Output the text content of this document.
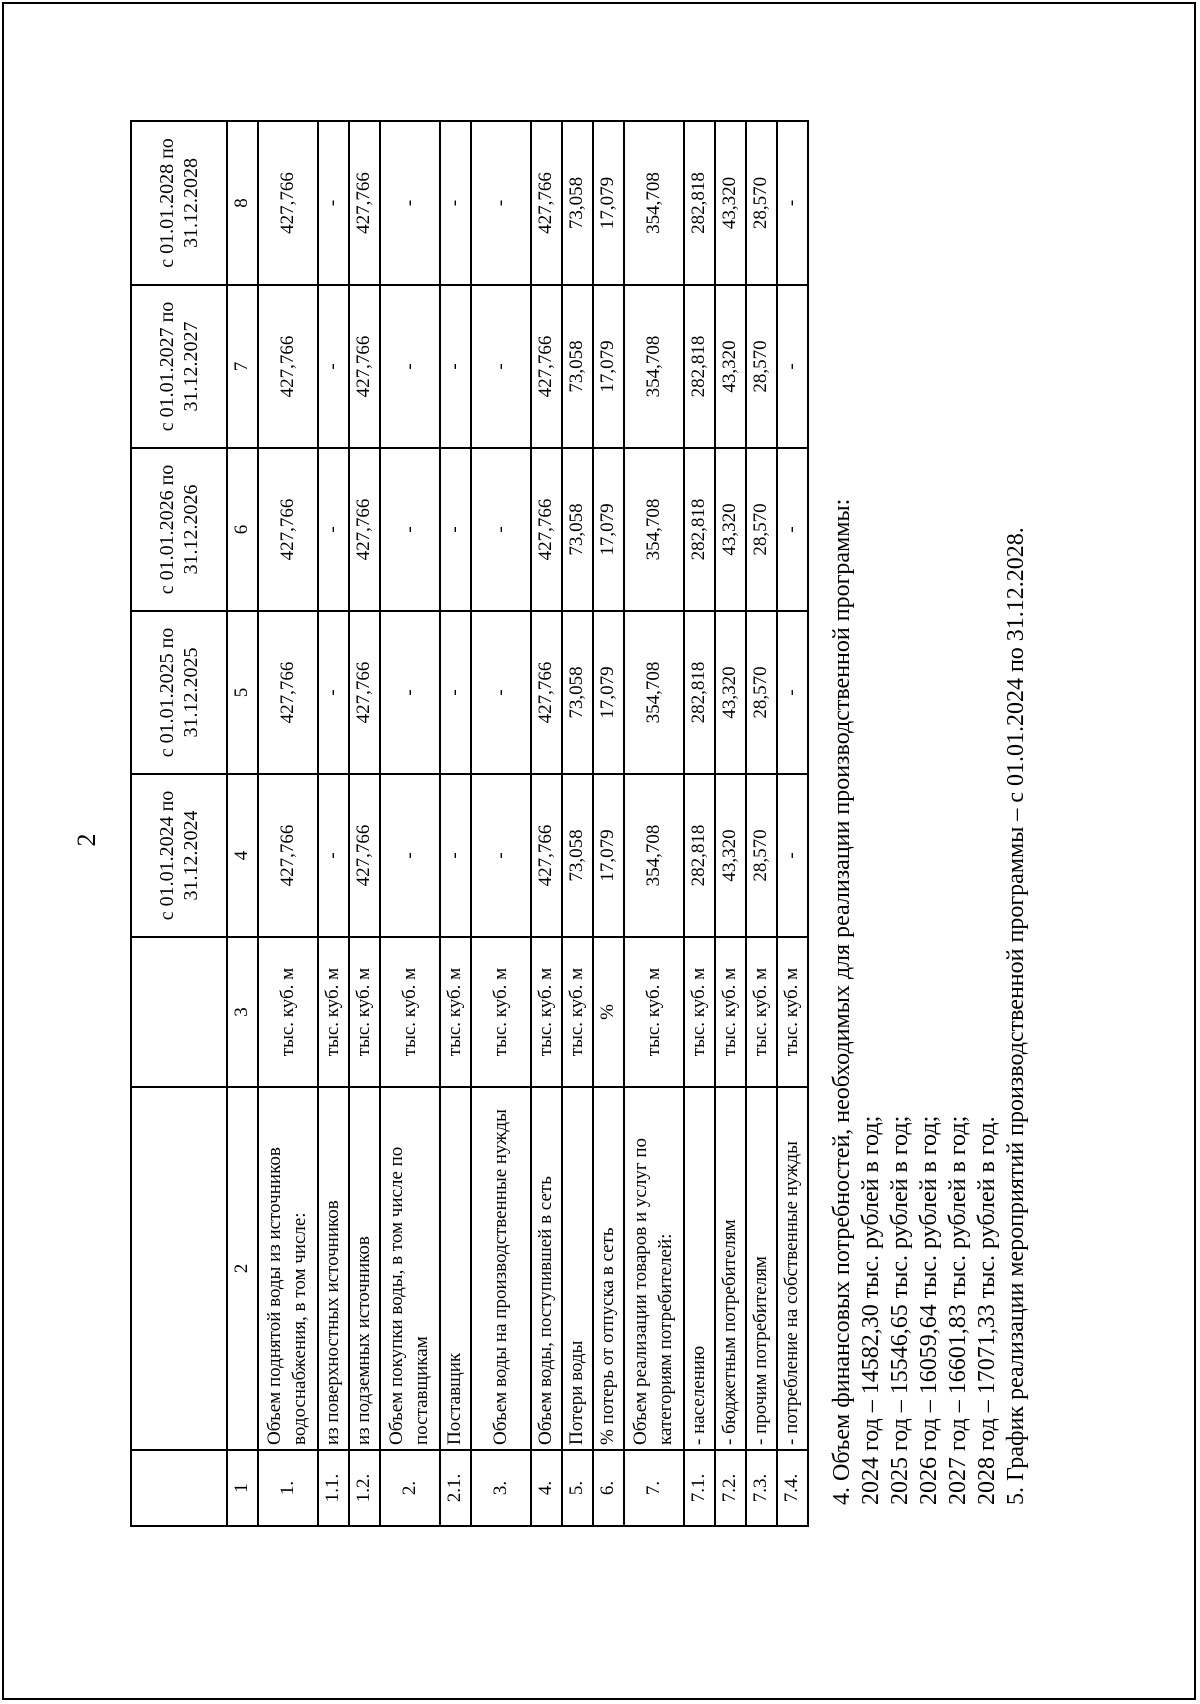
2
				с 01.01.2024 по 31.12.2024	с 01.01.2025 по 31.12.2025	с 01.01.2026 по 31.12.2026	с 01.01.2027 по 31.12.2027	с 01.01.2028 по 31.12.2028
1	2	3	4	5	6	7	8
1.	Объем поднятой воды из источников водоснабжения, в том числе:	тыс. куб. м	427,766	427,766	427,766	427,766	427,766
1.1.	из поверхностных источников	тыс. куб. м	-	-	-	-	-
1.2.	из подземных источников	тыс. куб. м	427,766	427,766	427,766	427,766	427,766
2.	Объем покупки воды, в том числе по поставщикам	тыс. куб. м	-	-	-	-	-
2.1.	Поставщик	тыс. куб. м	-	-	-	-	-
3.	Объем воды на производственные нужды	тыс. куб. м	-	-	-	-	-
4.	Объем воды, поступившей в сеть	тыс. куб. м	427,766	427,766	427,766	427,766	427,766
5.	Потери воды	тыс. куб. м	73,058	73,058	73,058	73,058	73,058
6.	% потерь от отпуска в сеть	%	17,079	17,079	17,079	17,079	17,079
7.	Объем реализации товаров и услуг по категориям потребителей:	тыс. куб. м	354,708	354,708	354,708	354,708	354,708
7.1.	- населению	тыс. куб. м	282,818	282,818	282,818	282,818	282,818
7.2.	- бюджетным потребителям	тыс. куб. м	43,320	43,320	43,320	43,320	43,320
7.3.	- прочим потребителям	тыс. куб. м	28,570	28,570	28,570	28,570	28,570
7.4.	- потребление на собственные нужды	тыс. куб. м	-	-	-	-	-
4. Объем финансовых потребностей, необходимых для реализации производственной программы: 2024 год – 14582,30 тыс. рублей в год; 2025 год – 15546,65 тыс. рублей в год; 2026 год – 16059,64 тыс. рублей в год; 2027 год – 16601,83 тыс. рублей в год; 2028 год – 17071,33 тыс. рублей в год. 5. График реализации мероприятий производственной программы – с 01.01.2024 по 31.12.2028.
